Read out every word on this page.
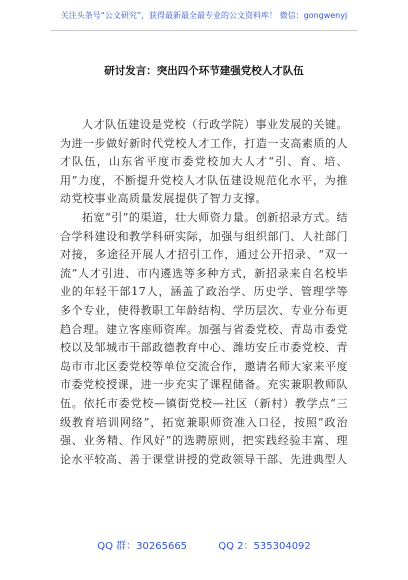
关注头条号“公文研究”，获得最新最全最专业的公文资料库！ 微信：gongwenyj
研讨发言：突出四个环节建强党校人才队伍

人才队伍建设是党校（行政学院）事业发展的关键。为进一步做好新时代党校人才工作，打造一支高素质的人才队伍，山东省平度市委党校加大人才“引、育、培、用”力度，不断提升党校人才队伍建设规范化水平，为推动党校事业高质量发展提供了智力支撑。

拓宽“引”的渠道，壮大师资力量。创新招录方式。结合学科建设和教学科研实际，加强与组织部门、人社部门对接，多途径开展人才招引工作，通过公开招录、“双一流”人才引进、市内遴选等多种方式，新招录来自名校毕业的年轻干部17人，涵盖了政治学、历史学、管理学等多个专业，使得教职工年龄结构、学历层次、专业分布更趋合理。建立客座师资库。加强与省委党校、青岛市委党校以及邹城市干部政德教育中心、潍坊安丘市委党校、青岛市市北区委党校等单位交流合作，邀请名师大家来平度市委党校授课，进一步充实了课程储备。充实兼职教师队伍。依托市委党校—镇街党校—社区（新村）教学点“三级教育培训网络”，拓宽兼职师资准入口径，按照“政治强、业务精、作风好”的选聘原则，把实践经验丰富、理论水平较高、善于课堂讲授的党政领导干部、先进典型人

QQ 群：30265665	QQ 2：535304092
